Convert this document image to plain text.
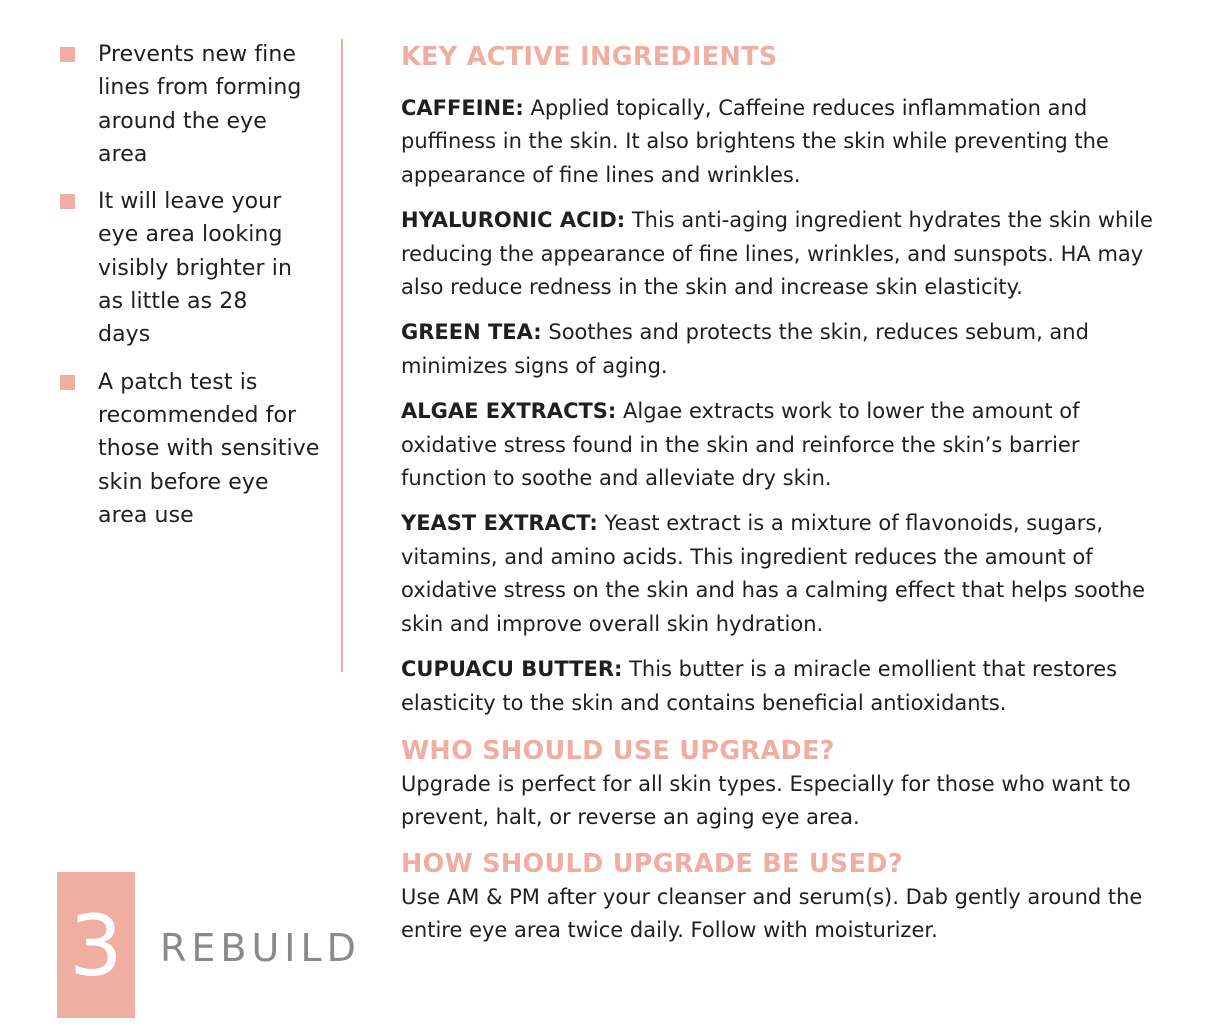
Prevents new fine lines from forming around the eye area
It will leave your eye area looking visibly brighter in as little as 28 days
A patch test is recommended for those with sensitive skin before eye area use
KEY ACTIVE INGREDIENTS
CAFFEINE: Applied topically, Caffeine reduces inflammation and puffiness in the skin. It also brightens the skin while preventing the appearance of fine lines and wrinkles.
HYALURONIC ACID: This anti-aging ingredient hydrates the skin while reducing the appearance of fine lines, wrinkles, and sunspots. HA may also reduce redness in the skin and increase skin elasticity.
GREEN TEA: Soothes and protects the skin, reduces sebum, and minimizes signs of aging.
ALGAE EXTRACTS: Algae extracts work to lower the amount of oxidative stress found in the skin and reinforce the skin’s barrier function to soothe and alleviate dry skin.
YEAST EXTRACT: Yeast extract is a mixture of flavonoids, sugars, vitamins, and amino acids. This ingredient reduces the amount of oxidative stress on the skin and has a calming effect that helps soothe skin and improve overall skin hydration.
CUPUACU BUTTER: This butter is a miracle emollient that restores elasticity to the skin and contains beneficial antioxidants.
WHO SHOULD USE UPGRADE?
Upgrade is perfect for all skin types. Especially for those who want to prevent, halt, or reverse an aging eye area.
HOW SHOULD UPGRADE BE USED?
Use AM & PM after your cleanser and serum(s). Dab gently around the entire eye area twice daily. Follow with moisturizer.
3 REBUILD
